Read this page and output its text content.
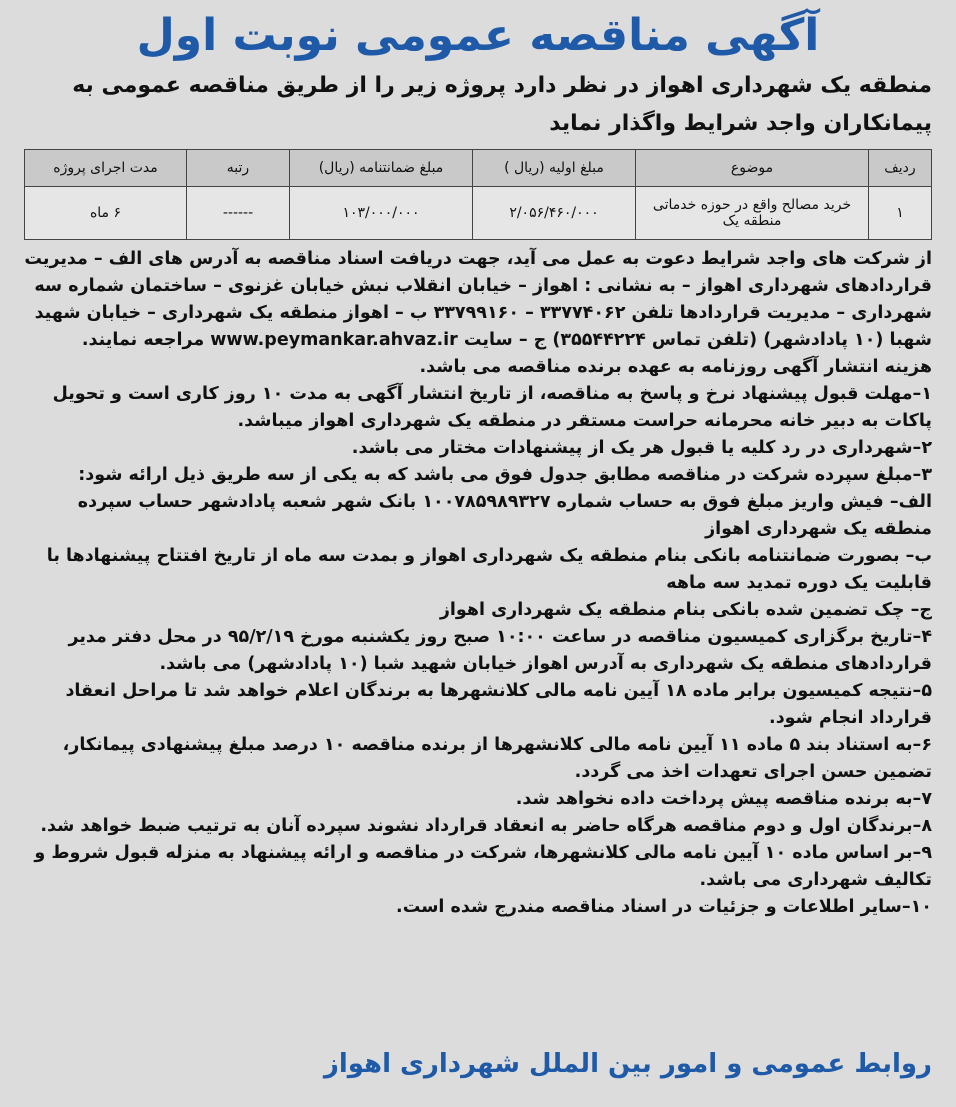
آگهی مناقصه عمومی نوبت اول
منطقه یک شهرداری اهواز در نظر دارد پروژه زیر را از طریق مناقصه عمومی به پیمانکاران واجد شرایط واگذار نماید
ردیف	موضوع	مبلغ اولیه (ریال )	مبلغ ضمانتنامه (ریال)	رتبه	مدت اجرای پروژه
۱	خرید مصالح واقع در حوزه خدماتی منطقه یک	۲/۰۵۶/۴۶۰/۰۰۰	۱۰۳/۰۰۰/۰۰۰	------	۶ ماه

از شرکت های واجد شرایط دعوت به عمل می آید، جهت دریافت اسناد مناقصه به آدرس های الف – مدیریت قراردادهای شهرداری اهواز – به نشانی : اهواز – خیابان انقلاب نبش خیابان غزنوی – ساختمان شماره سه شهرداری – مدیریت قراردادها تلفن ۳۳۷۷۴۰۶۲ – ۳۳۷۹۹۱۶۰ ب – اهواز منطقه یک شهرداری – خیابان شهید شهبا (۱۰ پادادشهر) (تلفن تماس ۳۵۵۴۴۲۲۴) ج – سایت www.peymankar.ahvaz.ir مراجعه نمایند.

هزینه انتشار آگهی روزنامه به عهده برنده مناقصه می باشد.

۱–مهلت قبول پیشنهاد نرخ و پاسخ به مناقصه، از تاریخ انتشار آگهی به مدت ۱۰ روز کاری است و تحویل پاکات به دبیر خانه محرمانه حراست مستقر در منطقه یک شهرداری اهواز میباشد.

۲–شهرداری در رد کلیه یا قبول هر یک از پیشنهادات مختار می باشد.

۳–مبلغ سپرده شرکت در مناقصه مطابق جدول فوق می باشد که به یکی از سه طریق ذیل ارائه شود:

الف– فیش واریز مبلغ فوق به حساب شماره ۱۰۰۷۸۵۹۸۹۳۲۷ بانک شهر شعبه پادادشهر حساب سپرده منطقه یک شهرداری اهواز

ب– بصورت ضمانتنامه بانکی بنام منطقه یک شهرداری اهواز و بمدت سه ماه از تاریخ افتتاح پیشنهادها با قابلیت یک دوره تمدید سه ماهه

ج– چک تضمین شده بانکی بنام منطقه یک شهرداری اهواز

۴–تاریخ برگزاری کمیسیون مناقصه در ساعت ۱۰:۰۰ صبح روز یکشنبه مورخ ۹۵/۲/۱۹ در محل دفتر مدیر قراردادهای منطقه یک شهرداری به آدرس اهواز خیابان شهید شبا (۱۰ پادادشهر) می باشد.

۵–نتیجه کمیسیون برابر ماده ۱۸ آیین نامه مالی کلانشهرها به برندگان اعلام خواهد شد تا مراحل انعقاد قرارداد انجام شود.

۶–به استناد بند ۵ ماده ۱۱ آیین نامه مالی کلانشهرها از برنده مناقصه ۱۰ درصد مبلغ پیشنهادی پیمانکار، تضمین حسن اجرای تعهدات اخذ می گردد.

۷–به برنده مناقصه پیش پرداخت داده نخواهد شد.

۸–برندگان اول و دوم مناقصه هرگاه حاضر به انعقاد قرارداد نشوند سپرده آنان به ترتیب ضبط خواهد شد.

۹–بر اساس ماده ۱۰ آیین نامه مالی کلانشهرها، شرکت در مناقصه و ارائه پیشنهاد به منزله قبول شروط و تکالیف شهرداری می باشد.

۱۰–سایر اطلاعات و جزئیات در اسناد مناقصه مندرج شده است.

روابط عمومی و امور بین الملل شهرداری اهواز
